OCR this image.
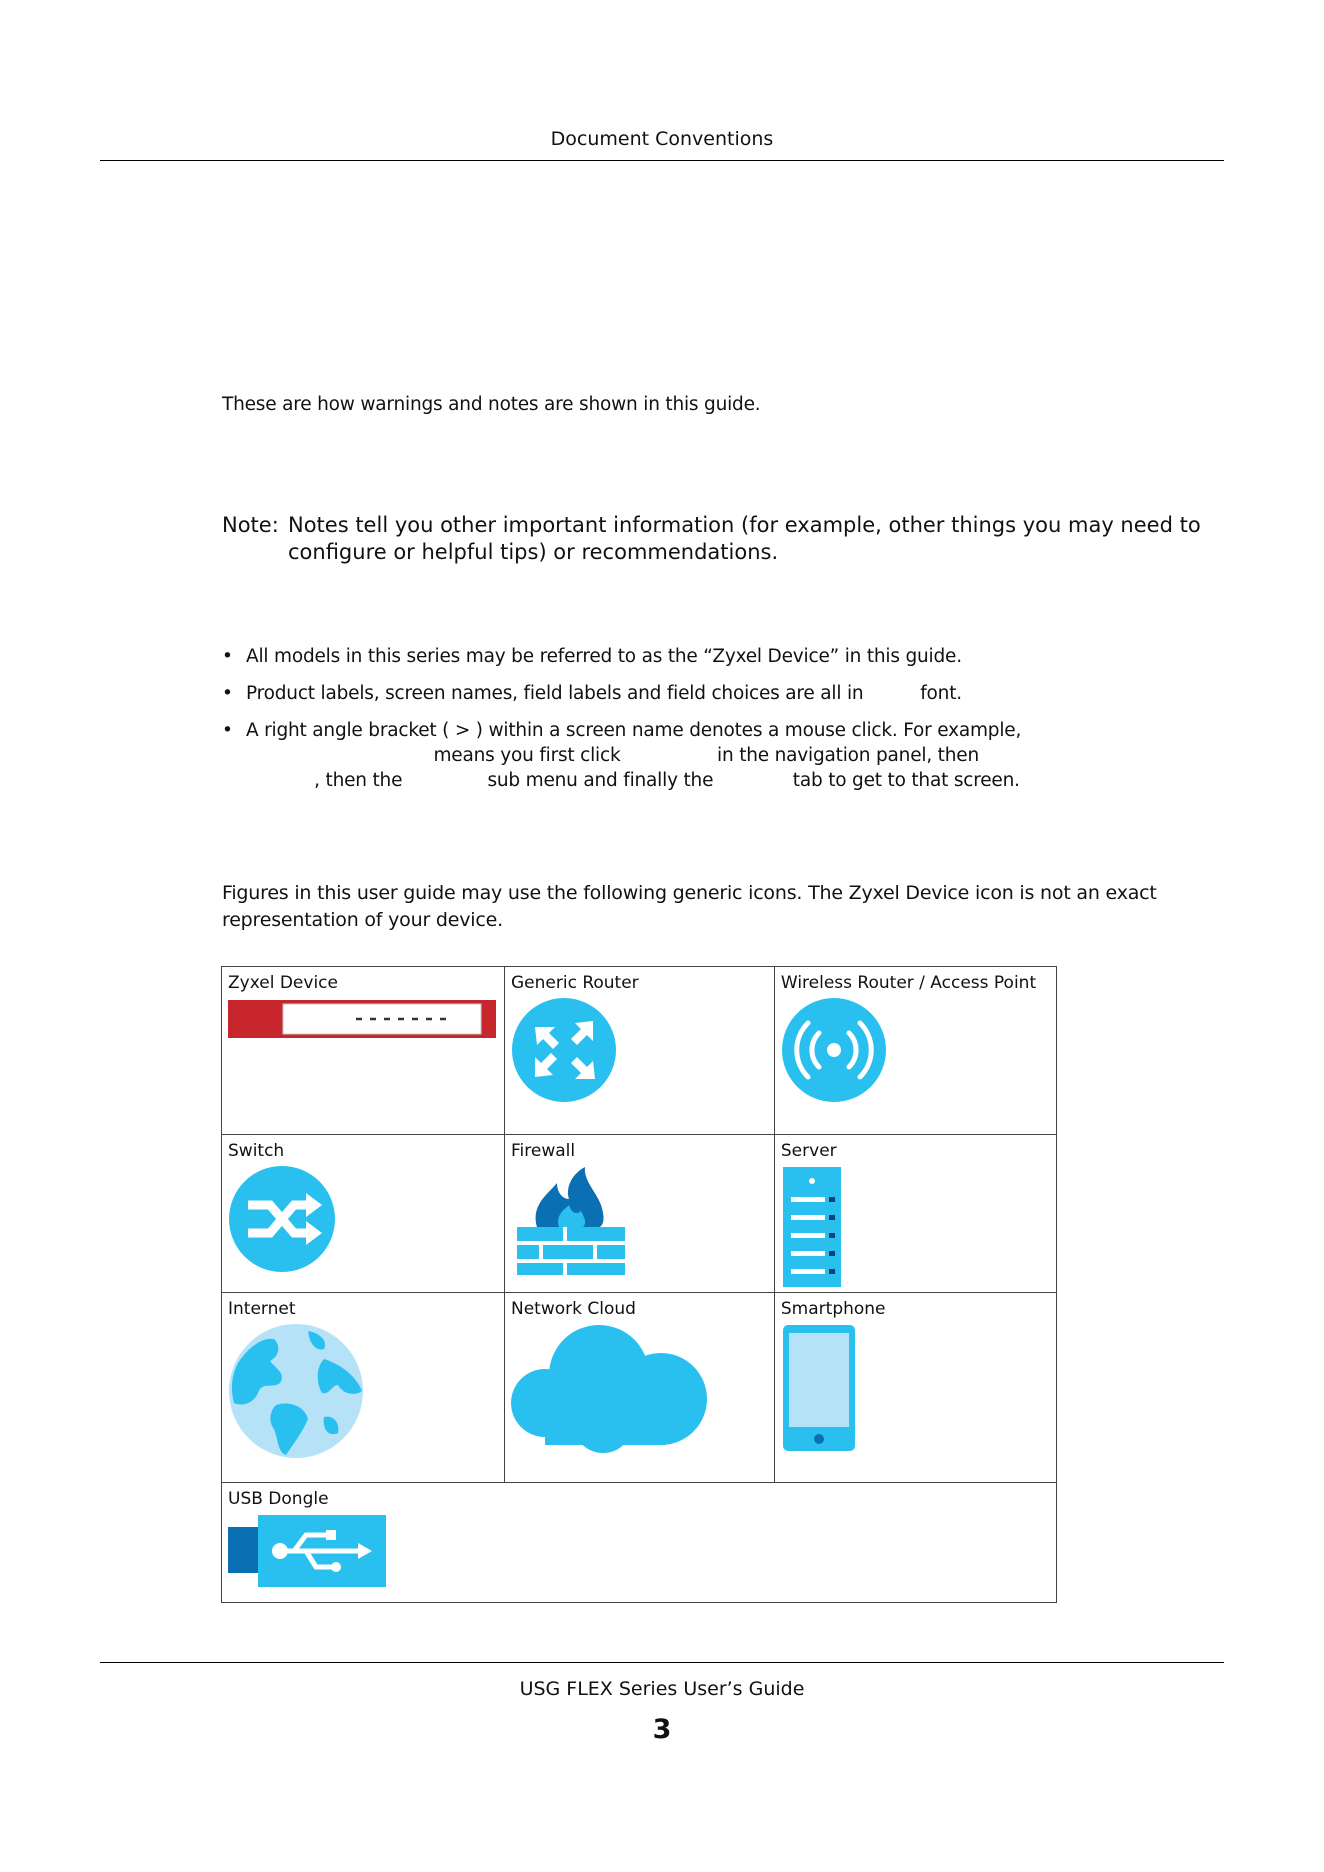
Document Conventions
These are how warnings and notes are shown in this guide.
Note: Notes tell you other important information (for example, other things you may need to
configure or helpful tips) or recommendations.
• All models in this series may be referred to as the “Zyxel Device” in this guide.
• Product labels, screen names, field labels and field choices are all in          font.
• A right angle bracket ( > ) within a screen name denotes a mouse click. For example,
means you first click                 in the navigation panel, then
, then the               sub menu and finally the              tab to get to that screen.
Figures in this user guide may use the following generic icons. The Zyxel Device icon is not an exact
representation of your device.
Zyxel Device	Generic Router	Wireless Router / Access Point

Switch	Firewall	Server

Internet	Network Cloud	Smartphone

USB Dongle		
USG FLEX Series User’s Guide
3
